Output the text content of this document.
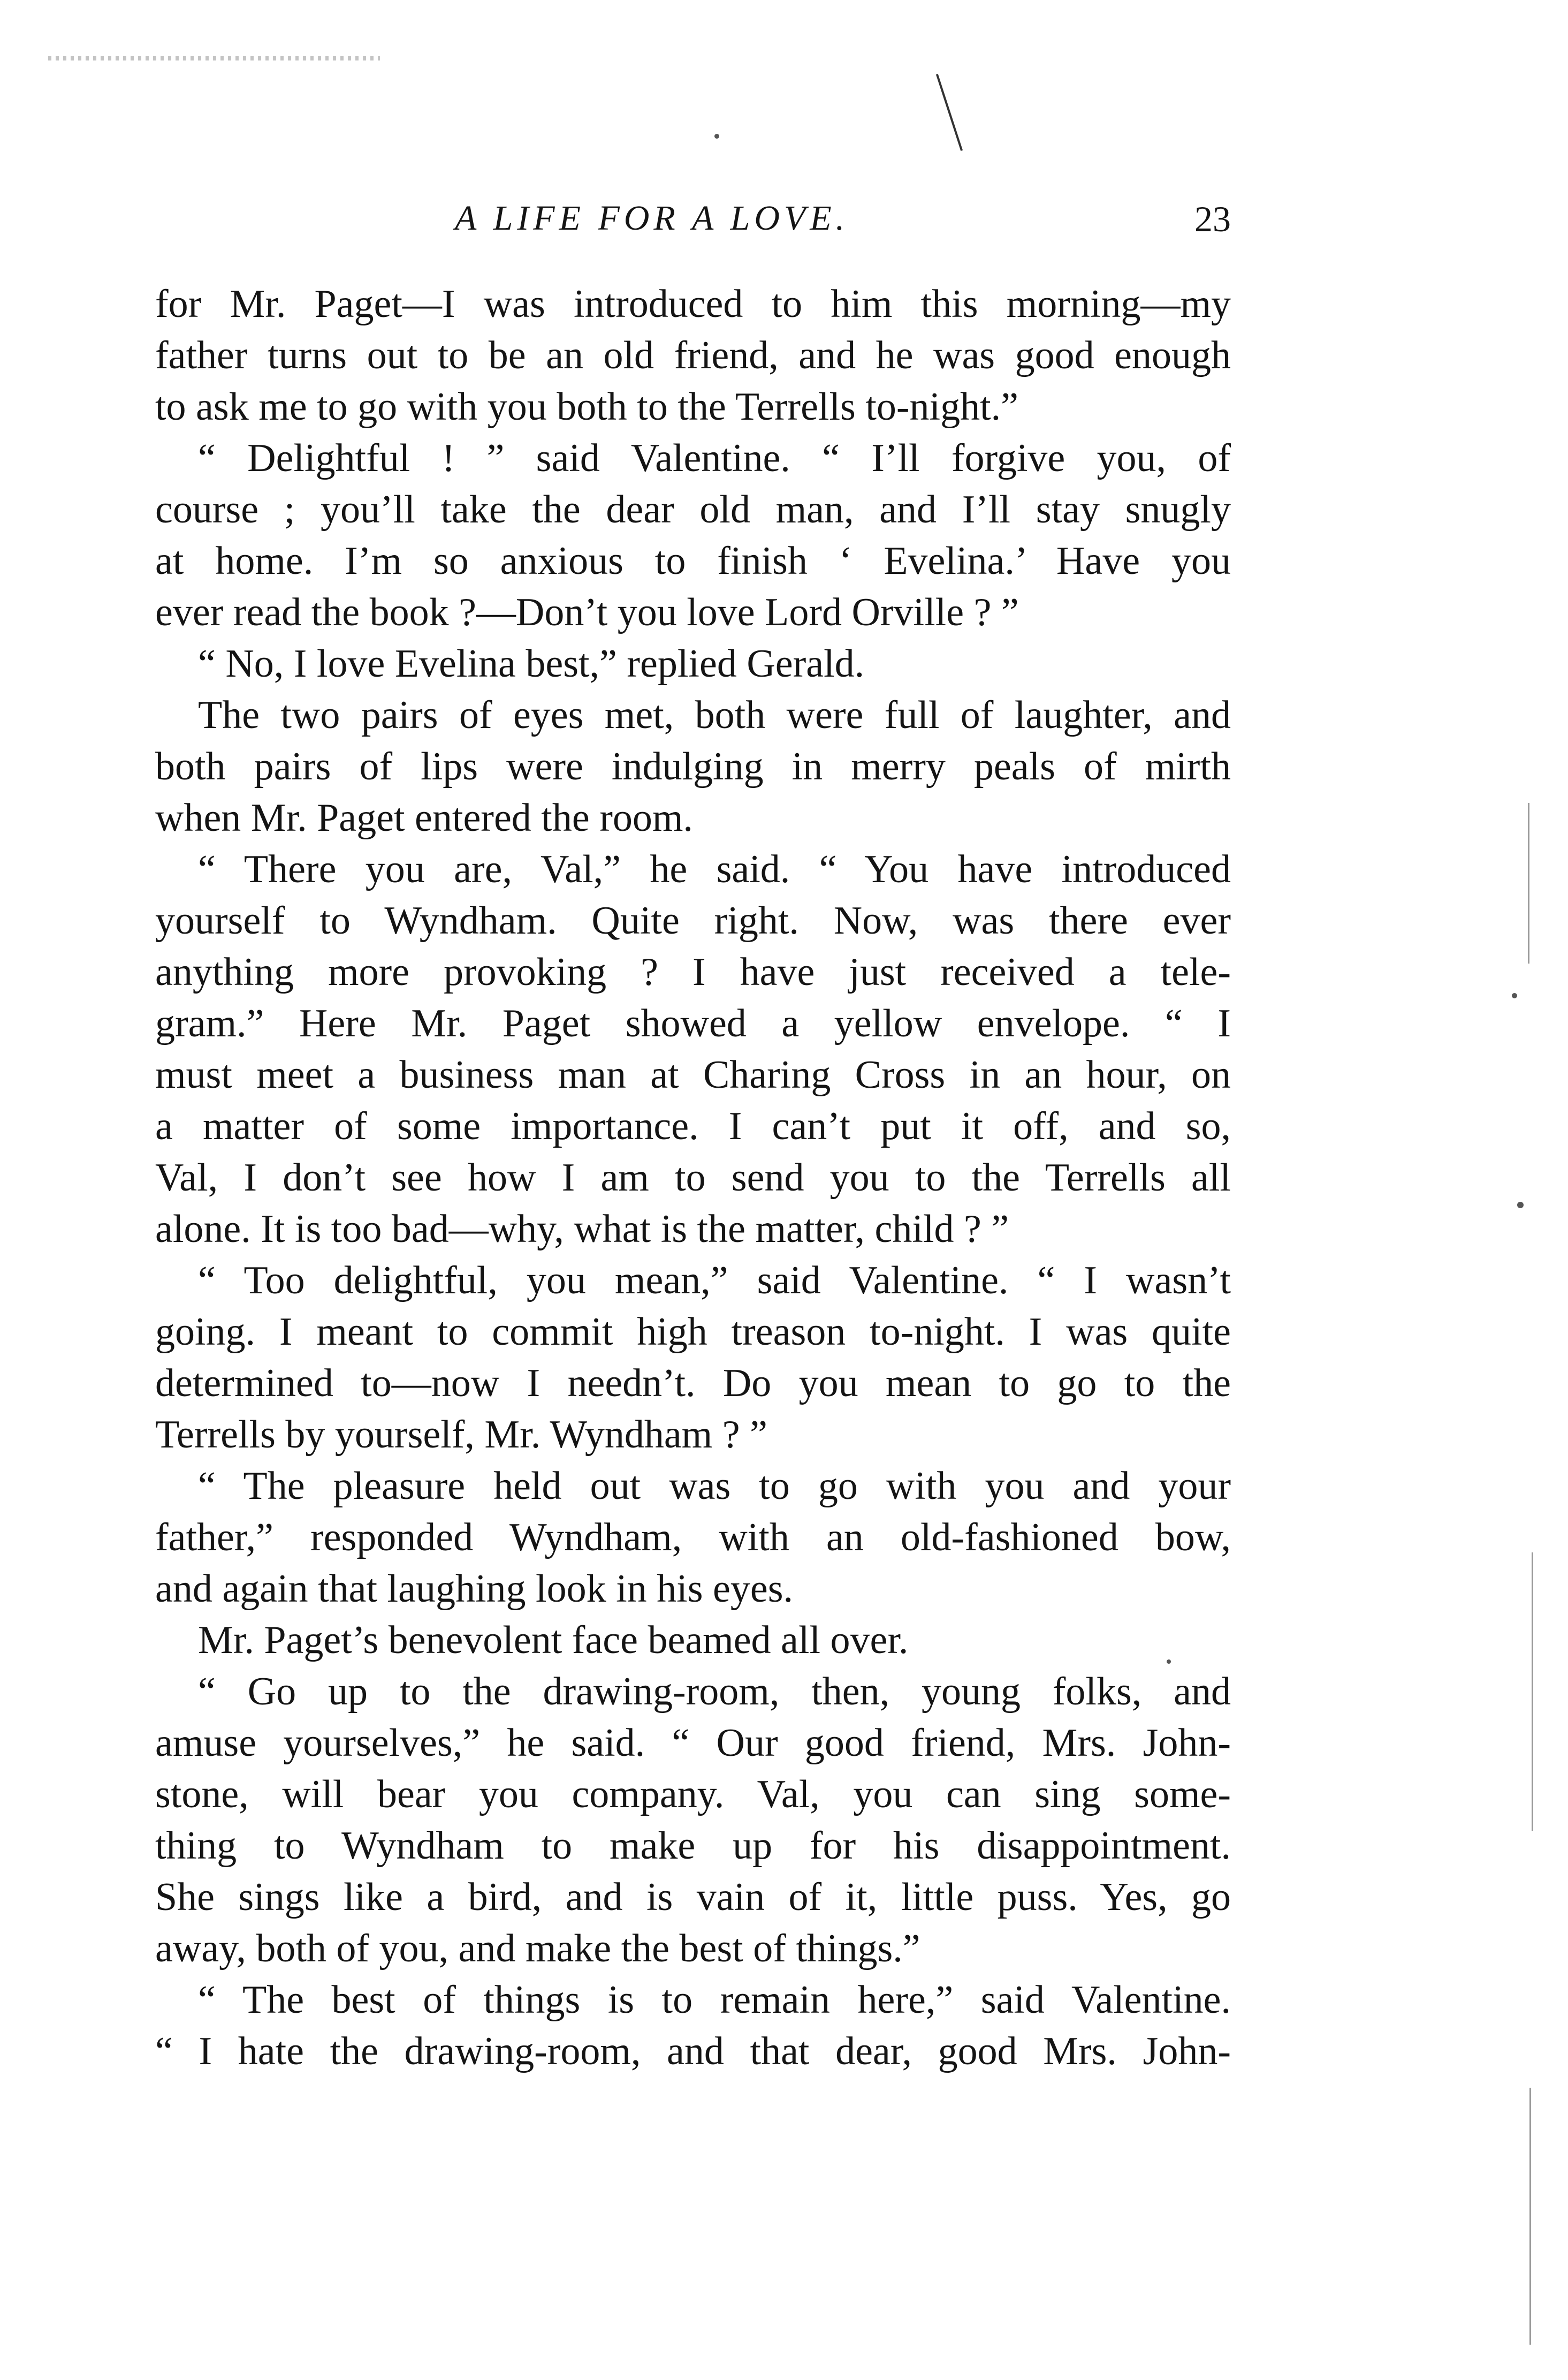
A LIFE FOR A LOVE.	23
for Mr. Paget—I was introduced to him this morning—my
father turns out to be an old friend, and he was good enough
to ask me to go with you both to the Terrells to-night.”
“ Delightful ! ” said Valentine. “ I’ll forgive you, of
course ; you’ll take the dear old man, and I’ll stay snugly
at home. I’m so anxious to finish ‘ Evelina.’ Have you
ever read the book ?—Don’t you love Lord Orville ? ”
“ No, I love Evelina best,” replied Gerald.
The two pairs of eyes met, both were full of laughter, and
both pairs of lips were indulging in merry peals of mirth
when Mr. Paget entered the room.
“ There you are, Val,” he said. “ You have introduced
yourself to Wyndham. Quite right. Now, was there ever
anything more provoking ? I have just received a tele-
gram.” Here Mr. Paget showed a yellow envelope. “ I
must meet a business man at Charing Cross in an hour, on
a matter of some importance. I can’t put it off, and so,
Val, I don’t see how I am to send you to the Terrells all
alone. It is too bad—why, what is the matter, child ? ”
“ Too delightful, you mean,” said Valentine. “ I wasn’t
going. I meant to commit high treason to-night. I was quite
determined to—now I needn’t. Do you mean to go to the
Terrells by yourself, Mr. Wyndham ? ”
“ The pleasure held out was to go with you and your
father,” responded Wyndham, with an old-fashioned bow,
and again that laughing look in his eyes.
Mr. Paget’s benevolent face beamed all over.
“ Go up to the drawing-room, then, young folks, and
amuse yourselves,” he said. “ Our good friend, Mrs. John-
stone, will bear you company. Val, you can sing some-
thing to Wyndham to make up for his disappointment.
She sings like a bird, and is vain of it, little puss. Yes, go
away, both of you, and make the best of things.”
“ The best of things is to remain here,” said Valentine.
“ I hate the drawing-room, and that dear, good Mrs. John-
